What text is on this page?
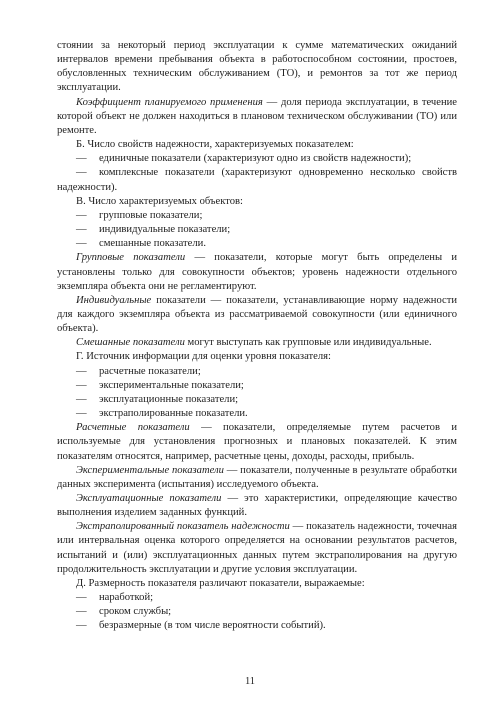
стоянии за некоторый период эксплуатации к сумме математических ожиданий интервалов времени пребывания объекта в работоспособном состоянии, простоев, обусловленных техническим обслуживанием (ТО), и ремонтов за тот же период эксплуатации.

Коэффициент планируемого применения — доля периода эксплуатации, в течение которой объект не должен находиться в плановом техническом обслуживании (ТО) или ремонте.

Б. Число свойств надежности, характеризуемых показателем:

—	единичные показатели (характеризуют одно из свойств надежности);

— комплексные показатели (характеризуют одновременно несколько свойств надежности).

В. Число характеризуемых объектов:

—	групповые показатели;

—	индивидуальные показатели;

—	смешанные показатели.

Групповые показатели — показатели, которые могут быть определены и установлены только для совокупности объектов; уровень надежности отдельного экземпляра объекта они не регламентируют.

Индивидуальные показатели — показатели, устанавливающие норму надежности для каждого экземпляра объекта из рассматриваемой совокупности (или единичного объекта).

Смешанные показатели могут выступать как групповые или индивидуальные.

Г. Источник информации для оценки уровня показателя:

—	расчетные показатели;

—	экспериментальные показатели;

—	эксплуатационные показатели;

—	экстраполированные показатели.

Расчетные показатели — показатели, определяемые путем расчетов и используемые для установления прогнозных и плановых показателей. К этим показателям относятся, например, расчетные цены, доходы, расходы, прибыль.

Экспериментальные показатели — показатели, полученные в результате обработки данных эксперимента (испытания) исследуемого объекта.

Эксплуатационные показатели — это характеристики, определяющие качество выполнения изделием заданных функций.

Экстраполированный показатель надежности — показатель надежности, точечная или интервальная оценка которого определяется на основании результатов расчетов, испытаний и (или) эксплуатационных данных путем экстраполирования на другую продолжительность эксплуатации и другие условия эксплуатации.

Д. Размерность показателя различают показатели, выражаемые:

—	наработкой;

—	сроком службы;

—	безразмерные (в том числе вероятности событий).

11
